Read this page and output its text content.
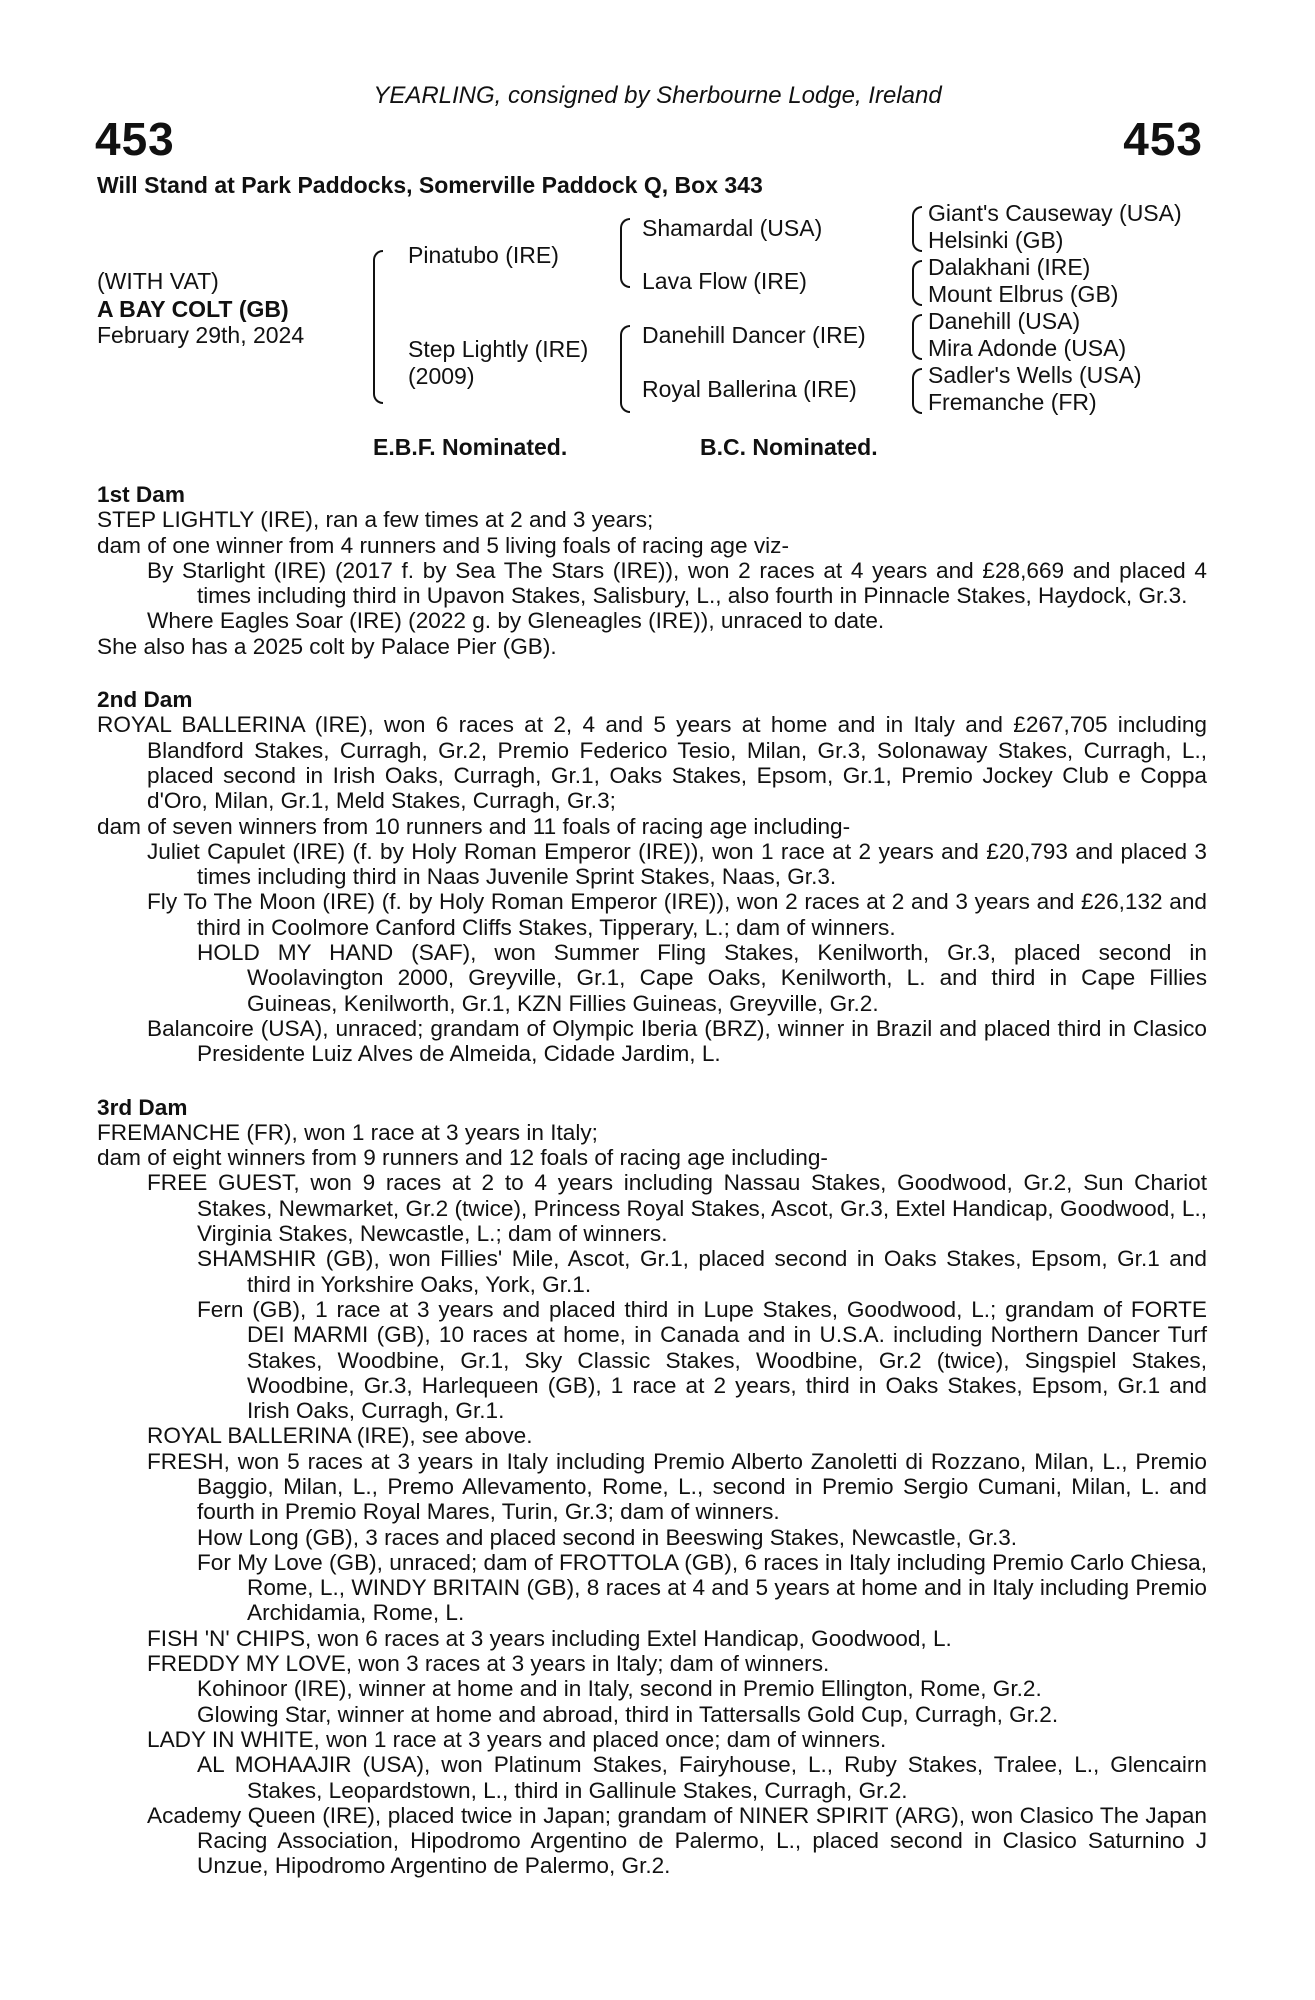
YEARLING, consigned by Sherbourne Lodge, Ireland
453	453
Will Stand at Park Paddocks, Somerville Paddock Q, Box 343
(WITH VAT)
A BAY COLT (GB)
February 29th, 2024
Pinatubo (IRE)
Step Lightly (IRE)
(2009)
Shamardal (USA)
Lava Flow (IRE)
Danehill Dancer (IRE)
Royal Ballerina (IRE)
Giant's Causeway (USA)
Helsinki (GB)
Dalakhani (IRE)
Mount Elbrus (GB)
Danehill (USA)
Mira Adonde (USA)
Sadler's Wells (USA)
Fremanche (FR)
E.B.F. Nominated.	B.C. Nominated.
1st Dam
STEP LIGHTLY (IRE), ran a few times at 2 and 3 years;
dam of one winner from 4 runners and 5 living foals of racing age viz-
By Starlight (IRE) (2017 f. by Sea The Stars (IRE)), won 2 races at 4 years and £28,669 and placed 4 times including third in Upavon Stakes, Salisbury, L., also fourth in Pinnacle Stakes, Haydock, Gr.3.
Where Eagles Soar (IRE) (2022 g. by Gleneagles (IRE)), unraced to date.
She also has a 2025 colt by Palace Pier (GB).
2nd Dam
ROYAL BALLERINA (IRE), won 6 races at 2, 4 and 5 years at home and in Italy and £267,705 including Blandford Stakes, Curragh, Gr.2, Premio Federico Tesio, Milan, Gr.3, Solonaway Stakes, Curragh, L., placed second in Irish Oaks, Curragh, Gr.1, Oaks Stakes, Epsom, Gr.1, Premio Jockey Club e Coppa d'Oro, Milan, Gr.1, Meld Stakes, Curragh, Gr.3;
dam of seven winners from 10 runners and 11 foals of racing age including-
Juliet Capulet (IRE) (f. by Holy Roman Emperor (IRE)), won 1 race at 2 years and £20,793 and placed 3 times including third in Naas Juvenile Sprint Stakes, Naas, Gr.3.
Fly To The Moon (IRE) (f. by Holy Roman Emperor (IRE)), won 2 races at 2 and 3 years and £26,132 and third in Coolmore Canford Cliffs Stakes, Tipperary, L.; dam of winners.
HOLD MY HAND (SAF), won Summer Fling Stakes, Kenilworth, Gr.3, placed second in Woolavington 2000, Greyville, Gr.1, Cape Oaks, Kenilworth, L. and third in Cape Fillies Guineas, Kenilworth, Gr.1, KZN Fillies Guineas, Greyville, Gr.2.
Balancoire (USA), unraced; grandam of Olympic Iberia (BRZ), winner in Brazil and placed third in Clasico Presidente Luiz Alves de Almeida, Cidade Jardim, L.
3rd Dam
FREMANCHE (FR), won 1 race at 3 years in Italy;
dam of eight winners from 9 runners and 12 foals of racing age including-
FREE GUEST, won 9 races at 2 to 4 years including Nassau Stakes, Goodwood, Gr.2, Sun Chariot Stakes, Newmarket, Gr.2 (twice), Princess Royal Stakes, Ascot, Gr.3, Extel Handicap, Goodwood, L., Virginia Stakes, Newcastle, L.; dam of winners.
SHAMSHIR (GB), won Fillies' Mile, Ascot, Gr.1, placed second in Oaks Stakes, Epsom, Gr.1 and third in Yorkshire Oaks, York, Gr.1.
Fern (GB), 1 race at 3 years and placed third in Lupe Stakes, Goodwood, L.; grandam of FORTE DEI MARMI (GB), 10 races at home, in Canada and in U.S.A. including Northern Dancer Turf Stakes, Woodbine, Gr.1, Sky Classic Stakes, Woodbine, Gr.2 (twice), Singspiel Stakes, Woodbine, Gr.3, Harlequeen (GB), 1 race at 2 years, third in Oaks Stakes, Epsom, Gr.1 and Irish Oaks, Curragh, Gr.1.
ROYAL BALLERINA (IRE), see above.
FRESH, won 5 races at 3 years in Italy including Premio Alberto Zanoletti di Rozzano, Milan, L., Premio Baggio, Milan, L., Premo Allevamento, Rome, L., second in Premio Sergio Cumani, Milan, L. and fourth in Premio Royal Mares, Turin, Gr.3; dam of winners.
How Long (GB), 3 races and placed second in Beeswing Stakes, Newcastle, Gr.3.
For My Love (GB), unraced; dam of FROTTOLA (GB), 6 races in Italy including Premio Carlo Chiesa, Rome, L., WINDY BRITAIN (GB), 8 races at 4 and 5 years at home and in Italy including Premio Archidamia, Rome, L.
FISH 'N' CHIPS, won 6 races at 3 years including Extel Handicap, Goodwood, L.
FREDDY MY LOVE, won 3 races at 3 years in Italy; dam of winners.
Kohinoor (IRE), winner at home and in Italy, second in Premio Ellington, Rome, Gr.2.
Glowing Star, winner at home and abroad, third in Tattersalls Gold Cup, Curragh, Gr.2.
LADY IN WHITE, won 1 race at 3 years and placed once; dam of winners.
AL MOHAAJIR (USA), won Platinum Stakes, Fairyhouse, L., Ruby Stakes, Tralee, L., Glencairn Stakes, Leopardstown, L., third in Gallinule Stakes, Curragh, Gr.2.
Academy Queen (IRE), placed twice in Japan; grandam of NINER SPIRIT (ARG), won Clasico The Japan Racing Association, Hipodromo Argentino de Palermo, L., placed second in Clasico Saturnino J Unzue, Hipodromo Argentino de Palermo, Gr.2.
